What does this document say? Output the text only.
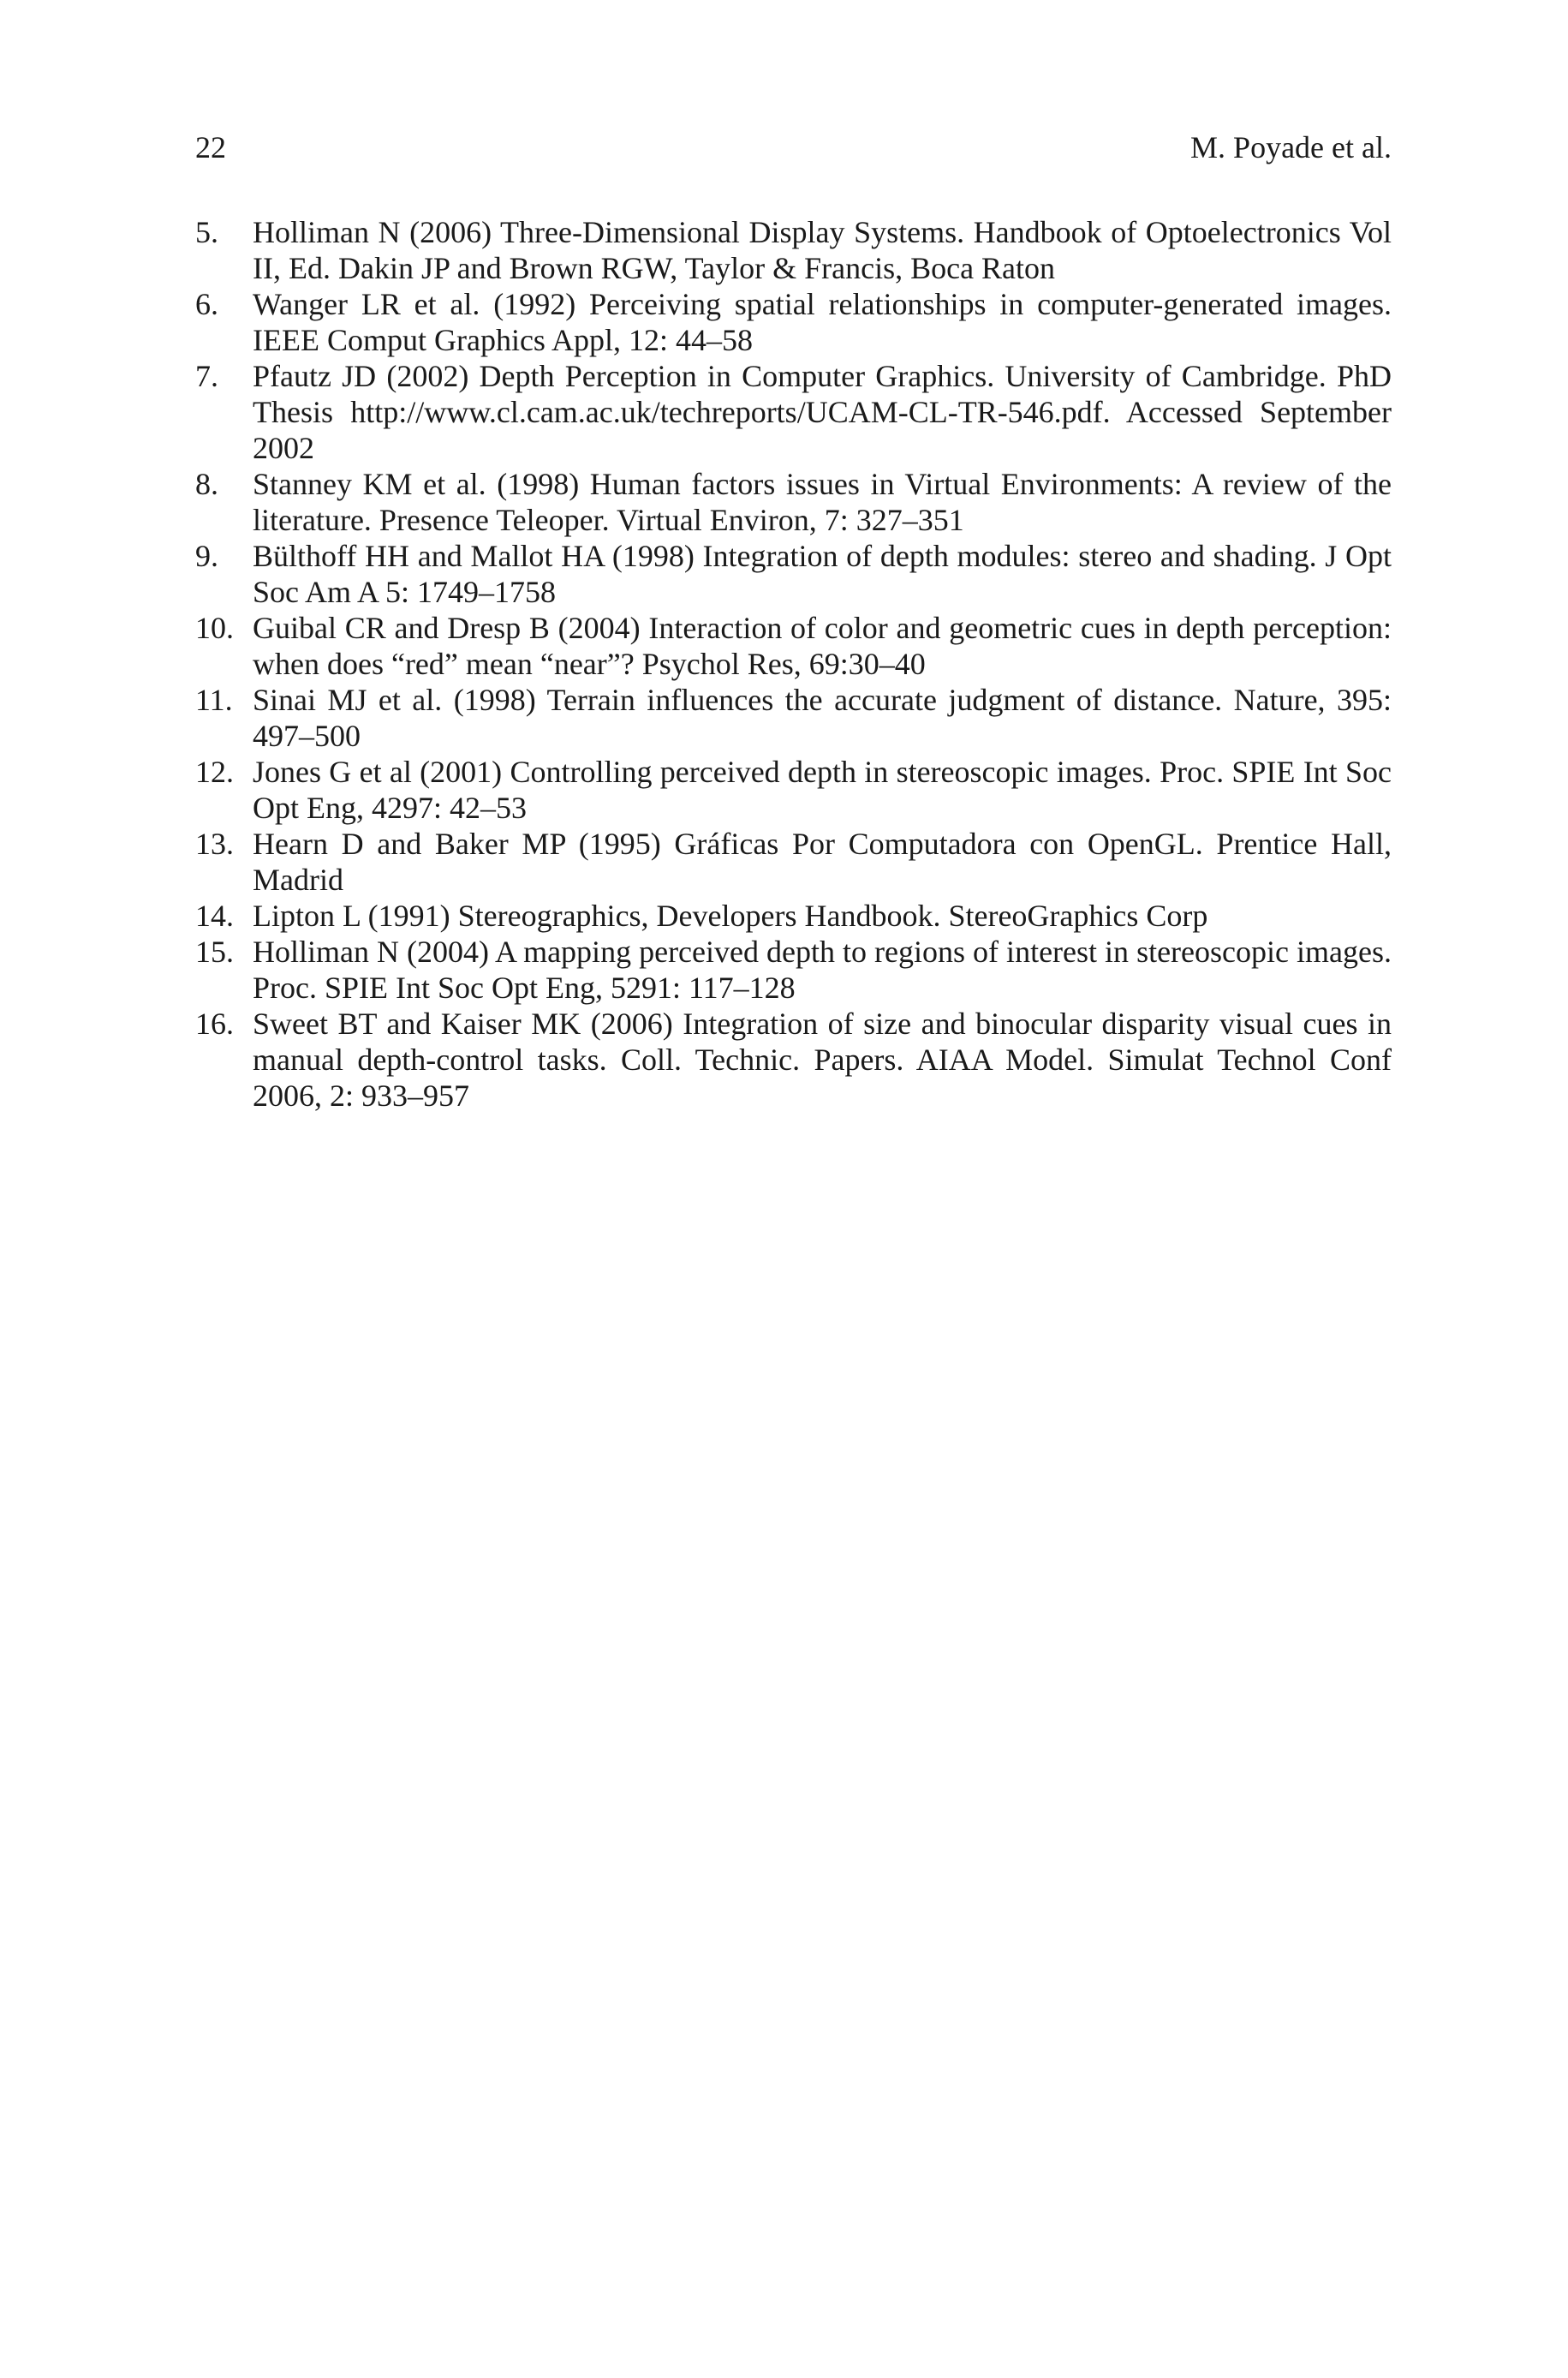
22	M. Poyade et al.
5.	Holliman N (2006) Three-Dimensional Display Systems. Handbook of Optoelectronics Vol II, Ed. Dakin JP and Brown RGW, Taylor & Francis, Boca Raton
6.	Wanger LR et al. (1992) Perceiving spatial relationships in computer-generated images. IEEE Comput Graphics Appl, 12: 44–58
7.	Pfautz JD (2002) Depth Perception in Computer Graphics. University of Cambridge. PhD Thesis http://www.cl.cam.ac.uk/techreports/UCAM-CL-TR-546.pdf. Accessed September 2002
8.	Stanney KM et al. (1998) Human factors issues in Virtual Environments: A review of the literature. Presence Teleoper. Virtual Environ, 7: 327–351
9.	Bülthoff HH and Mallot HA (1998) Integration of depth modules: stereo and shading. J Opt Soc Am A 5: 1749–1758
10. Guibal CR and Dresp B (2004) Interaction of color and geometric cues in depth perception: when does “red” mean “near”? Psychol Res, 69:30–40
11. Sinai MJ et al. (1998) Terrain influences the accurate judgment of distance. Nature, 395: 497–500
12. Jones G et al (2001) Controlling perceived depth in stereoscopic images. Proc. SPIE Int Soc Opt Eng, 4297: 42–53
13. Hearn D and Baker MP (1995) Gráficas Por Computadora con OpenGL. Prentice Hall, Madrid
14. Lipton L (1991) Stereographics, Developers Handbook. StereoGraphics Corp
15. Holliman N (2004) A mapping perceived depth to regions of interest in stereoscopic images. Proc. SPIE Int Soc Opt Eng, 5291: 117–128
16. Sweet BT and Kaiser MK (2006) Integration of size and binocular disparity visual cues in manual depth-control tasks. Coll. Technic. Papers. AIAA Model. Simulat Technol Conf 2006, 2: 933–957
